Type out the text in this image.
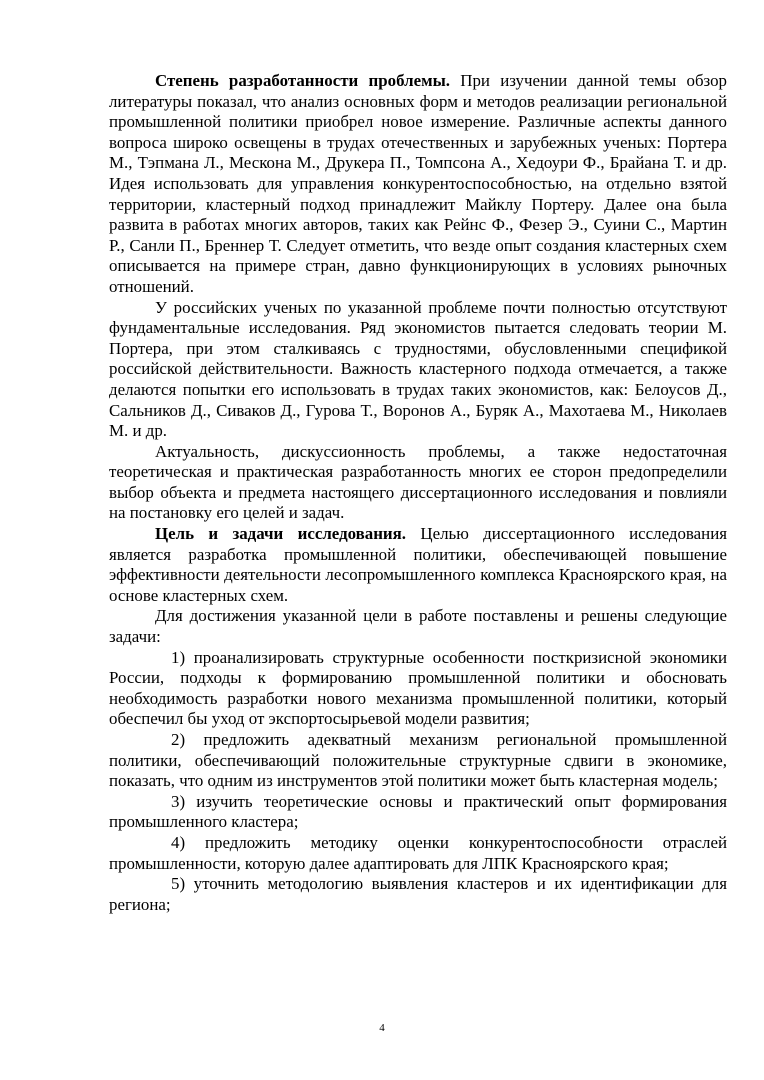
Степень разработанности проблемы. При изучении данной темы обзор литературы показал, что анализ основных форм и методов реализации региональной промышленной политики приобрел новое измерение. Различные аспекты данного вопроса широко освещены в трудах отечественных и зарубежных ученых: Портера М., Тэпмана Л., Мескона М., Друкера П., Томпсона А., Хедоури Ф., Брайана Т. и др. Идея использовать для управления конкурентоспособностью, на отдельно взятой территории, кластерный подход принадлежит Майклу Портеру. Далее она была развита в работах многих авторов, таких как Рейнс Ф., Фезер Э., Суини С., Мартин Р., Санли П., Бреннер Т. Следует отметить, что везде опыт создания кластерных схем описывается на примере стран, давно функционирующих в условиях рыночных отношений.

У российских ученых по указанной проблеме почти полностью отсутствуют фундаментальные исследования. Ряд экономистов пытается следовать теории М. Портера, при этом сталкиваясь с трудностями, обусловленными спецификой российской действительности. Важность кластерного подхода отмечается, а также делаются попытки его использовать в трудах таких экономистов, как: Белоусов Д., Сальников Д., Сиваков Д., Гурова Т., Воронов А., Буряк А., Махотаева М., Николаев М. и др.

Актуальность, дискуссионность проблемы, а также недостаточная теоретическая и практическая разработанность многих ее сторон предопределили выбор объекта и предмета настоящего диссертационного исследования и повлияли на постановку его целей и задач.

Цель и задачи исследования. Целью диссертационного исследования является разработка промышленной политики, обеспечивающей повышение эффективности деятельности лесопромышленного комплекса Красноярского края, на основе кластерных схем.

Для достижения указанной цели в работе поставлены и решены следующие задачи:

1) проанализировать структурные особенности посткризисной экономики России, подходы к формированию промышленной политики и обосновать необходимость разработки нового механизма промышленной политики, который обеспечил бы уход от экспортосырьевой модели развития;

2) предложить адекватный механизм региональной промышленной политики, обеспечивающий положительные структурные сдвиги в экономике, показать, что одним из инструментов этой политики может быть кластерная модель;

3) изучить теоретические основы и практический опыт формирования промышленного кластера;

4) предложить методику оценки конкурентоспособности отраслей промышленности, которую далее адаптировать для ЛПК Красноярского края;

5) уточнить методологию выявления кластеров и их идентификации для региона;

4
